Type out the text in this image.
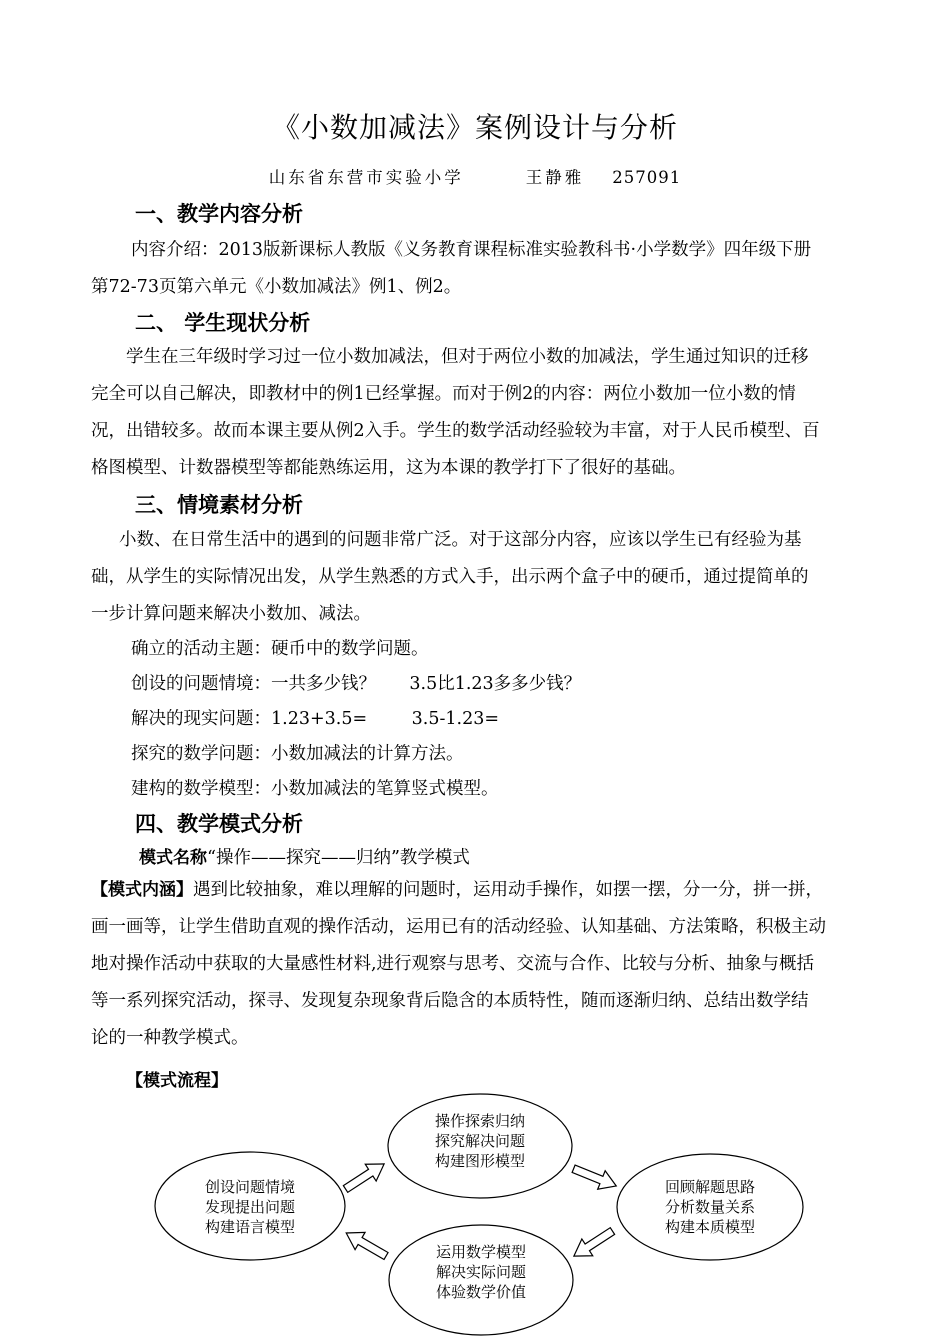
《小数加减法》案例设计与分析
山东省东营市实验小学	王静雅 257091
一、教学内容分析
内容介绍：2013版新课标人教版《义务教育课程标准实验教科书·小学数学》四年级下册
第72-73页第六单元《小数加减法》例1、例2。
二、 学生现状分析
学生在三年级时学习过一位小数加减法，但对于两位小数的加减法，学生通过知识的迁移
完全可以自己解决，即教材中的例1已经掌握。而对于例2的内容：两位小数加一位小数的情
况，出错较多。故而本课主要从例2入手。学生的数学活动经验较为丰富，对于人民币模型、百
格图模型、计数器模型等都能熟练运用，这为本课的教学打下了很好的基础。
三、情境素材分析
小数、在日常生活中的遇到的问题非常广泛。对于这部分内容，应该以学生已有经验为基
础，从学生的实际情况出发，从学生熟悉的方式入手，出示两个盒子中的硬币，通过提简单的
一步计算问题来解决小数加、减法。
确立的活动主题：硬币中的数学问题。
创设的问题情境：一共多少钱？      3.5比1.23多多少钱？
解决的现实问题：1.23+3.5=        3.5-1.23=
探究的数学问题：小数加减法的计算方法。
建构的数学模型：小数加减法的笔算竖式模型。
四、教学模式分析
模式名称“操作——探究——归纳”教学模式
【模式内涵】遇到比较抽象，难以理解的问题时，运用动手操作，如摆一摆，分一分，拼一拼，
画一画等，让学生借助直观的操作活动，运用已有的活动经验、认知基础、方法策略，积极主动
地对操作活动中获取的大量感性材料,进行观察与思考、交流与合作、比较与分析、抽象与概括
等一系列探究活动，探寻、发现复杂现象背后隐含的本质特性，随而逐渐归纳、总结出数学结
论的一种教学模式。
【模式流程】
操作探索归纳
探究解决问题
构建图形模型
创设问题情境
发现提出问题
构建语言模型
回顾解题思路
分析数量关系
构建本质模型
运用数学模型
解决实际问题
体验数学价值
